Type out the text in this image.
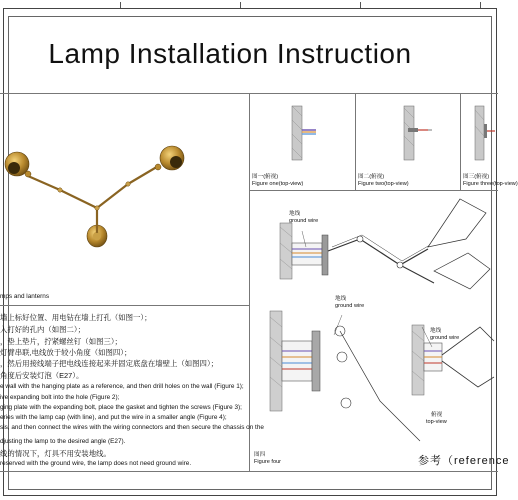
Lamp Installation Instruction
mps and lanterns
墙上标好位置、用电钻在墙上打孔（如图一）；
入打好的孔内（如图二）；
，垫上垫片，拧紧螺丝钉（如图三）；
灯臂串联,电线放于较小角度（如图四）；
，然后用接线端子把电线连接起来并固定底盘在墙壁上（如图四）；
角度后安装灯泡（E27）。
e wall with the hanging plate as a reference, and then drill holes on the wall (Figure 1);
ive expanding bolt into the hole (Figure 2);
ging plate with the expanding bolt, place the gasket and tighten the screws (Figure 3);
eries with the lamp cap (with line), and put the wire in a smaller angle (Figure 4);
sis, and then connect the wires with the wiring connectors and then secure the chassis on the
djusting the lamp to the desired angle (E27).
线的情况下，灯具不用安装地线。
reserved with the ground wire, the lamp does not need ground wire.
图一(俯视)
Figure one(top-view)
图二(俯视)
Figure two(top-view)
图三(俯视)
Figure three(top-view)
地线
ground wire
地线
ground wire
地线
ground wire
俯视
top-view
图四
Figure four	参考（reference
